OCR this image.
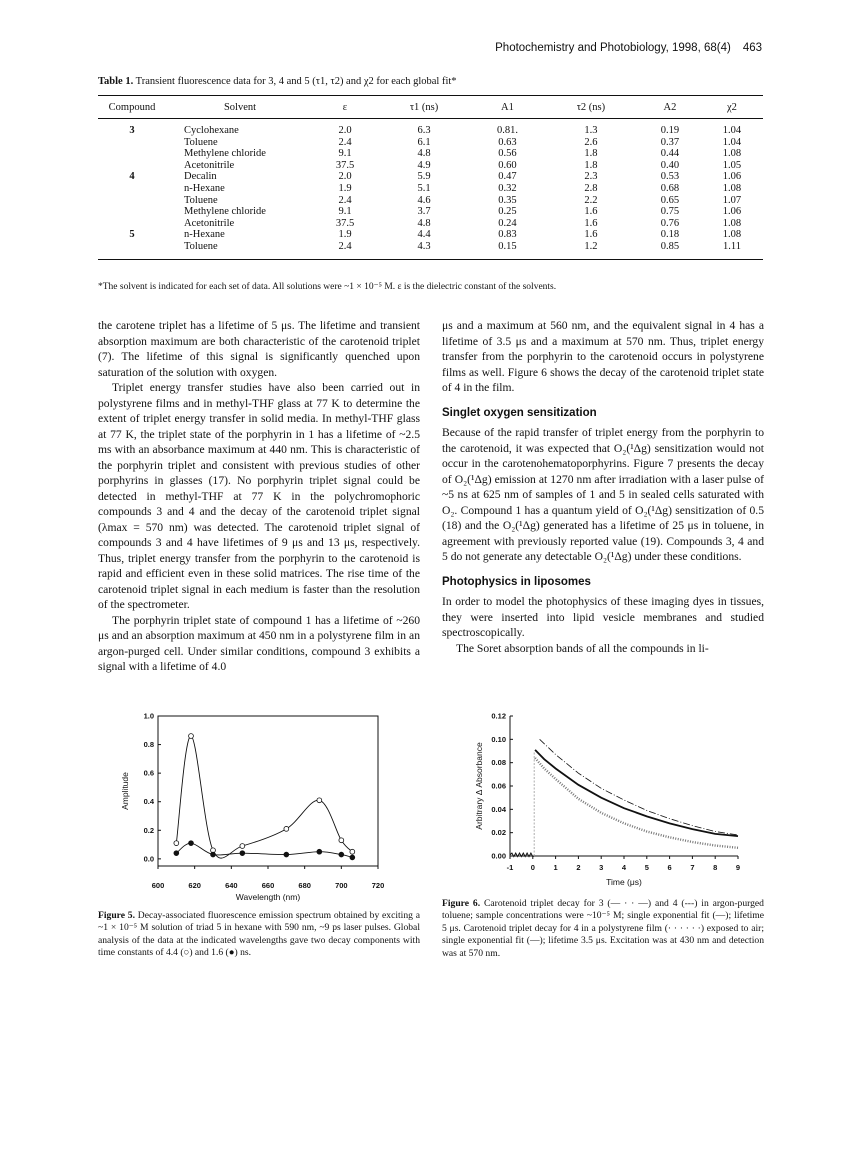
Photochemistry and Photobiology, 1998, 68(4) 463
Table 1. Transient fluorescence data for 3, 4 and 5 (τ1, τ2) and χ2 for each global fit*
Compound	Solvent	ε	τ1 (ns)	A1	τ2 (ns)	A2	χ2
3	Cyclohexane	2.0	6.3	0.81.	1.3	0.19	1.04
	Toluene	2.4	6.1	0.63	2.6	0.37	1.04
	Methylene chloride	9.1	4.8	0.56	1.8	0.44	1.08
	Acetonitrile	37.5	4.9	0.60	1.8	0.40	1.05
4	Decalin	2.0	5.9	0.47	2.3	0.53	1.06
	n-Hexane	1.9	5.1	0.32	2.8	0.68	1.08
	Toluene	2.4	4.6	0.35	2.2	0.65	1.07
	Methylene chloride	9.1	3.7	0.25	1.6	0.75	1.06
	Acetonitrile	37.5	4.8	0.24	1.6	0.76	1.08
5	n-Hexane	1.9	4.4	0.83	1.6	0.18	1.08
	Toluene	2.4	4.3	0.15	1.2	0.85	1.11
*The solvent is indicated for each set of data. All solutions were ~1 × 10⁻⁵ M. ε is the dielectric constant of the solvents.

the carotene triplet has a lifetime of 5 μs. The lifetime and transient absorption maximum are both characteristic of the carotenoid triplet (7). The lifetime of this signal is significantly quenched upon saturation of the solution with oxygen.

Triplet energy transfer studies have also been carried out in polystyrene films and in methyl-THF glass at 77 K to determine the extent of triplet energy transfer in solid media. In methyl-THF glass at 77 K, the triplet state of the porphyrin in 1 has a lifetime of ~2.5 ms with an absorbance maximum at 440 nm. This is characteristic of the porphyrin triplet and consistent with previous studies of other porphyrins in glasses (17). No porphyrin triplet signal could be detected in methyl-THF at 77 K in the polychromophoric compounds 3 and 4 and the decay of the carotenoid triplet signal (λmax = 570 nm) was detected. The carotenoid triplet signal of compounds 3 and 4 have lifetimes of 9 μs and 13 μs, respectively. Thus, triplet energy transfer from the porphyrin to the carotenoid is rapid and efficient even in these solid matrices. The rise time of the carotenoid triplet signal in each medium is faster than the resolution of the spectrometer.

The porphyrin triplet state of compound 1 has a lifetime of ~260 μs and an absorption maximum at 450 nm in a polystyrene film in an argon-purged cell. Under similar conditions, compound 3 exhibits a signal with a lifetime of 4.0

μs and a maximum at 560 nm, and the equivalent signal in 4 has a lifetime of 3.5 μs and a maximum at 570 nm. Thus, triplet energy transfer from the porphyrin to the carotenoid occurs in polystyrene films as well. Figure 6 shows the decay of the carotenoid triplet state of 4 in the film.

Singlet oxygen sensitization

Because of the rapid transfer of triplet energy from the porphyrin to the carotenoid, it was expected that O₂(¹Δg) sensitization would not occur in the carotenohematoporphyrins. Figure 7 presents the decay of O₂(¹Δg) emission at 1270 nm after irradiation with a laser pulse of ~5 ns at 625 nm of samples of 1 and 5 in sealed cells saturated with O₂. Compound 1 has a quantum yield of O₂(¹Δg) sensitization of 0.5 (18) and the O₂(¹Δg) generated has a lifetime of 25 μs in toluene, in agreement with previously reported value (19). Compounds 3, 4 and 5 do not generate any detectable O₂(¹Δg) under these conditions.

Photophysics in liposomes

In order to model the photophysics of these imaging dyes in tissues, they were inserted into lipid vesicle membranes and studied spectroscopically.

The Soret absorption bands of all the compounds in li-

600	620	640	660	680	700	720
0.0
0.2
0.4
0.6
0.8
1.0
Wavelength (nm)
Amplitude
-1 0 1 2 3 4 5 6 7 8 9
0.00
0.02
0.04
0.06
0.08
0.10
0.12
Time (μs)
Arbitrary Δ Absorbance
Figure 5. Decay-associated fluorescence emission spectrum obtained by exciting a ~1 × 10⁻⁵ M solution of triad 5 in hexane with 590 nm, ~9 ps laser pulses. Global analysis of the data at the indicated wavelengths gave two decay components with time constants of 4.4 (○) and 1.6 (●) ns.
Figure 6. Carotenoid triplet decay for 3 (— · · —) and 4 (---) in argon-purged toluene; sample concentrations were ~10⁻⁵ M; single exponential fit (—); lifetime 5 μs. Carotenoid triplet decay for 4 in a polystyrene film (· · · · · ·) exposed to air; single exponential fit (—); lifetime 3.5 μs. Excitation was at 430 nm and detection was at 570 nm.
